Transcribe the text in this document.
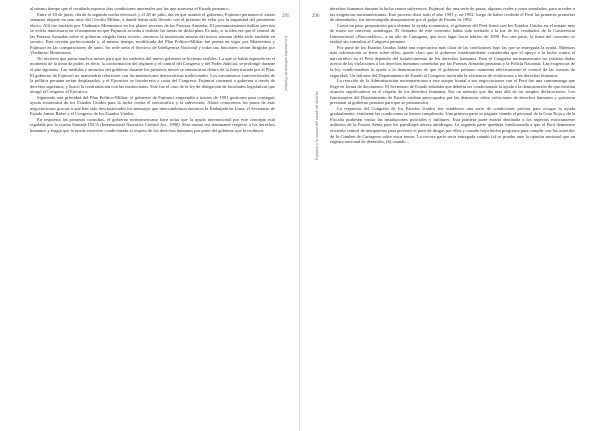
295
Los vínculos militares de Fujimori

al mismo tiempo que el resultado expresa «las condiciones anormales por las que atraviesa el Estado peruano».

Entre el 10 de junio, día de la segunda vuelta electoral, y el 28 de julio, día en que asumió el gobierno, Fujimori permaneció varias semanas alojado en una suite del Círculo Militar, a donde había sido llevado con el pretexto de velar por la seguridad del presidente electo. Allí fue iniciado por Vladimiro Montesinos en los planes secretos de las Fuerzas Armadas. El pronunciamiento militar previsto se volvía innecesario en el momento en que Fujimori accedía a realizar las metas de dicho plan. Es más, si la idea era que el control de las Fuerzas Armadas sobre el gobierno elegido fuera secreto, entonces la instalación misma del nuevo sistema debía serlo también en secreto. Esta versión perfeccionada y, al mismo tiempo, modificada del Plan Político-Militar fue puesta en vigor por Montesinos y Fujimori en las conspiraciones de junio. Su sede sería el Servicio de Inteligencia Nacional y todas sus funciones serían dirigidas por Vladimiro Montesinos.

No tuvieron que pasar muchos meses para que los métodos del nuevo gobierno se hicieran visibles. Lo que se había esperado en el momento de la toma de poder, es decir, la conformación del régimen y el control del Congreso y del Poder Judicial, se prolongó durante el año siguiente. Las medidas y anuncios del gobierno durante los primeros meses se enmarcaron dentro de la línea trazada por el Plan. El gobierno de Fujimori no mantendría relaciones con las instituciones democráticas tradicionales. Los mecanismos convencionales de la política peruana serían desplazados, y el Ejecutivo se fortalecería a costa del Congreso. Fujimori comenzó a gobernar a través de decretos supremos, y buscó la confrontación con las instituciones. Este fue el caso de la ley de delegación de facultades legislativas que otorgó el Congreso al Ejecutivo.

Siguiendo una prioridad del Plan Político-Militar, el gobierno de Fujimori emprendió a inicios de 1991 gestiones para conseguir ayuda económica de los Estados Unidos para la lucha contra el narcotráfico y la subversión. Ahora conocemos los pasos de esas negociaciones gracias a que han sido desclasificados los mensajes que intercambiaron entonces la Embajada en Lima, el Secretario de Estado James Baker y el Congreso de los Estados Unidos.

En respuesta las primeras consultas, el gobierno norteamericano hace notar que la ayuda internacional por este concepto está regulada por la norma llamada INCA (International Narcotics Control Act, 1990). Esta norma era terminante respecto a los derechos humanos y exigía que la ayuda estuviese condicionada al respeto de los derechos humanos por parte del gobierno que la recibiera.

296
Fujimori y la muerte del estado de derecho

derechos humanos durante la lucha contra subversiva. Fujimori dio una serie de pasos, algunos reales y otros simulados, para acceder a las exigencias norteamericanas. Este proceso duró todo el año 1991 y, en 1992, luego de haber recibido el Perú las primeras promesas de desembolso, fue interrumpido abruptamente por el golpe de Estado de 1992.

Como un paso preparatorio para obtener la ayuda económica, el gobierno del Perú firmó con los Estados Unidos en el mismo mes de mayo un convenio antidrogas. El firmador de este convenio había sido invitado a la luz de los resultados de la Conferencia Internacional «Narcotráfico», a un año de Cartagena, que tuvo lugar hacia febrero de 1990. Por otra parte, la firma del convenio se realizó sin consultar al Congreso peruano.

Por parte de los Estados Unidos había una expectativa más clara de las condiciones bajo las que se entregaría la ayuda. Mientras más información se tiene sobre ellos, queda claro que el gobierno estadounidense consideraba que el apoyo a la lucha contra el narcotráfico en el Perú dependía del fortalecimiento de los derechos humanos. Para el Congreso norteamericano no existían dudas acerca de las violaciones a los derechos humanos cometidas por las Fuerzas Armadas peruanas y la Policía Nacional. Las exigencias de la ley condicionaban la ayuda a la demostración de que el gobierno peruano mantenía efectivamente el control de las fuerzas de seguridad. Un informe del Departamento de Estado al Congreso mostraba la existencia de violaciones a los derechos humanos.

La reacción de la Administración norteamericana a este ataque frontal a sus negociaciones con el Perú fue una contramanga que llegó en forma de documento. El Secretario de Estado señalaba que debería ser condicionada la ayuda a la demostración de que existían avances significativos en el respeto de los derechos humanos. Era un mensaje que iba más allá de las simples declaraciones. Los funcionarios del Departamento de Estado estaban preocupados por las denuncias sobre violaciones de derechos humanos y quisieron presionar al gobierno peruano para que se pronunciara.

La respuesta del Congreso de los Estados Unidos fue establecer una serie de condiciones previas para otorgar la ayuda gradualmente, conforme las condiciones se fuesen cumpliendo. Una primera parte se pagaría cuando el personal de la Cruz Roja y de la Fiscalía pudiesen visitar las instalaciones policiales y militares. Esta primera parte estaría destinada a los aspectos estrictamente militares de la Fuerza Aérea para los patrullajes aéreos antidrogas. La segunda parte quedaría condicionada a que el Perú demuestre eficiente control de aeropuertos para prevenir el paso de drogas por ellos y cuando haya hecho progresos para cumplir con los acuerdos de la Cumbre de Cartagena sobre estos temas. La tercera parte sería entregada cuando (a) se pruebe ante la opinión nacional que un registro nacional de detenidos, (b) cuando...
